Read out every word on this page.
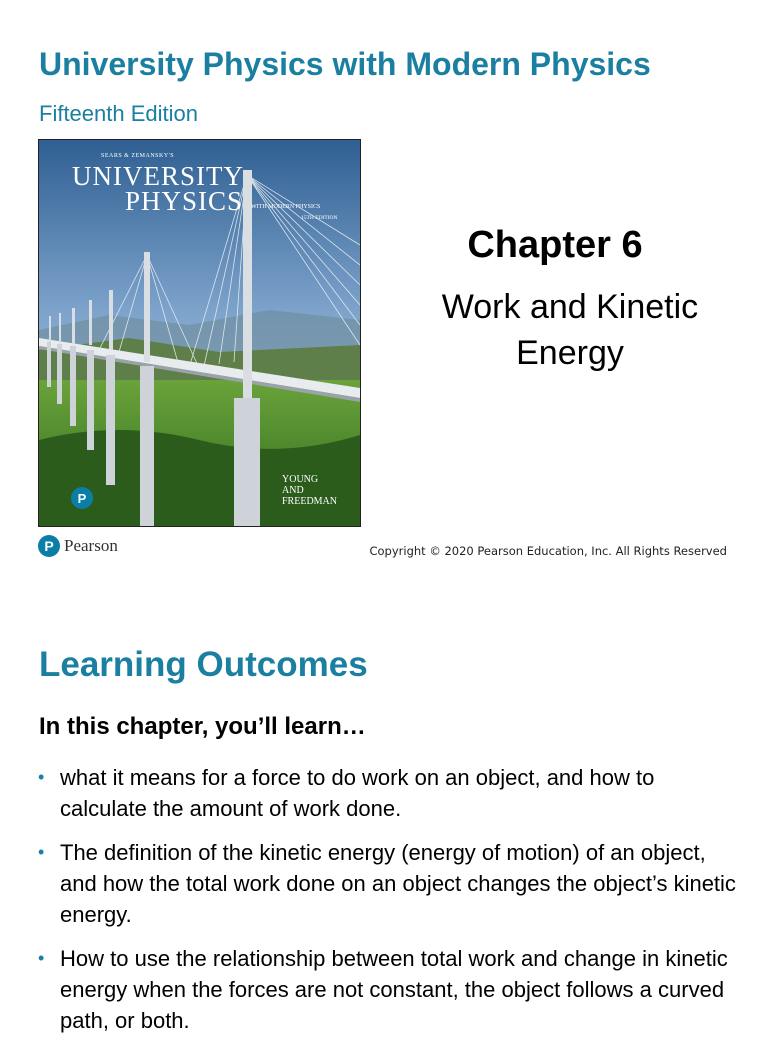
University Physics with Modern Physics
Fifteenth Edition
P
SEARS & ZEMANSKY'S
UNIVERSITY
PHYSICS WITH MODERN PHYSICS
15TH EDITION
YOUNG
AND
FREEDMAN
Chapter 6
Work and Kinetic Energy
P Pearson	Copyright © 2020 Pearson Education, Inc. All Rights Reserved
Learning Outcomes
In this chapter, you’ll learn…
• what it means for a force to do work on an object, and how to calculate the amount of work done.
• The definition of the kinetic energy (energy of motion) of an object, and how the total work done on an object changes the object’s kinetic energy.
• How to use the relationship between total work and change in kinetic energy when the forces are not constant, the object follows a curved path, or both.
